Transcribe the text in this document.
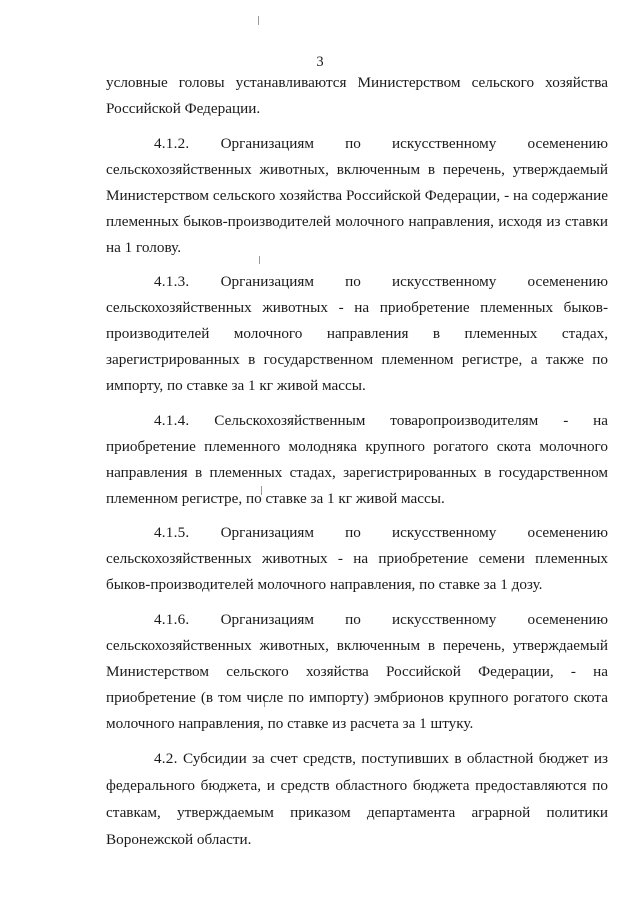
3

условные головы устанавливаются Министерством сельского хозяйства Российской Федерации.

4.1.2. Организациям по искусственному осеменению сельскохозяйственных животных, включенным в перечень, утверждаемый Министерством сельского хозяйства Российской Федерации, - на содержание племенных быков-производителей молочного направления, исходя из ставки на 1 голову.

4.1.3. Организациям по искусственному осеменению сельскохозяйственных животных - на приобретение племенных быков-производителей молочного направления в племенных стадах, зарегистрированных в государственном племенном регистре, а также по импорту, по ставке за 1 кг живой массы.

4.1.4. Сельскохозяйственным товаропроизводителям - на приобретение племенного молодняка крупного рогатого скота молочного направления в племенных стадах, зарегистрированных в государственном племенном регистре, по ставке за 1 кг живой массы.

4.1.5. Организациям по искусственному осеменению сельскохозяйственных животных - на приобретение семени племенных быков-производителей молочного направления, по ставке за 1 дозу.

4.1.6. Организациям по искусственному осеменению сельскохозяйственных животных, включенным в перечень, утверждаемый Министерством сельского хозяйства Российской Федерации, - на приобретение (в том числе по импорту) эмбрионов крупного рогатого скота молочного направления, по ставке из расчета за 1 штуку.

4.2. Субсидии за счет средств, поступивших в областной бюджет из федерального бюджета, и средств областного бюджета предоставляются по ставкам, утверждаемым приказом департамента аграрной политики Воронежской области.
